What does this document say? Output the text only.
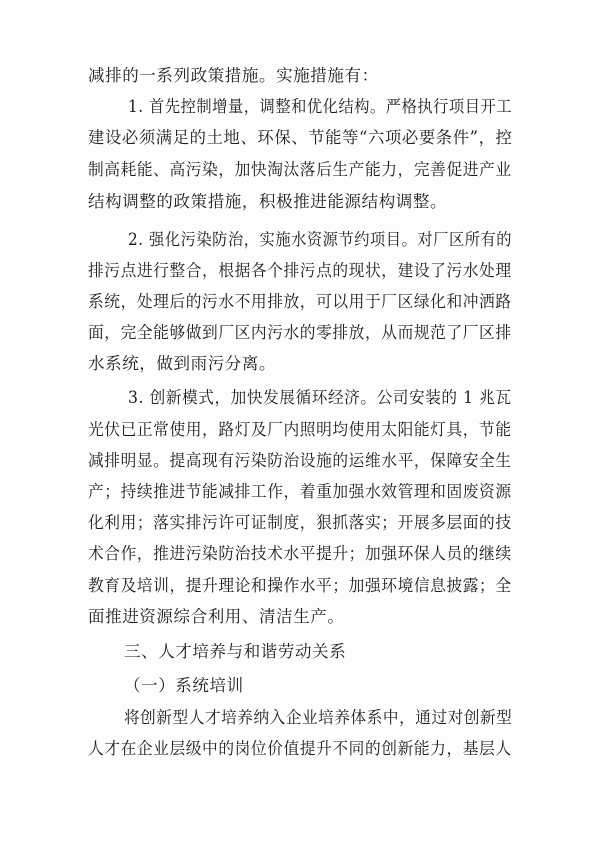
减排的一系列政策措施。实施措施有：

1. 首先控制增量，调整和优化结构。严格执行项目开工

建设必须满足的土地、环保、节能等“六项必要条件”，控

制高耗能、高污染，加快淘汰落后生产能力，完善促进产业

结构调整的政策措施，积极推进能源结构调整。

2. 强化污染防治，实施水资源节约项目。对厂区所有的

排污点进行整合，根据各个排污点的现状，建设了污水处理

系统，处理后的污水不用排放，可以用于厂区绿化和冲洒路

面，完全能够做到厂区内污水的零排放，从而规范了厂区排

水系统，做到雨污分离。

3. 创新模式，加快发展循环经济。公司安装的 1 兆瓦

光伏已正常使用，路灯及厂内照明均使用太阳能灯具，节能

减排明显。提高现有污染防治设施的运维水平，保障安全生

产；持续推进节能减排工作，着重加强水效管理和固废资源

化利用；落实排污许可证制度，狠抓落实；开展多层面的技

术合作，推进污染防治技术水平提升；加强环保人员的继续

教育及培训，提升理论和操作水平；加强环境信息披露；全

面推进资源综合利用、清洁生产。

三、人才培养与和谐劳动关系

（一）系统培训

将创新型人才培养纳入企业培养体系中，通过对创新型

人才在企业层级中的岗位价值提升不同的创新能力，基层人
